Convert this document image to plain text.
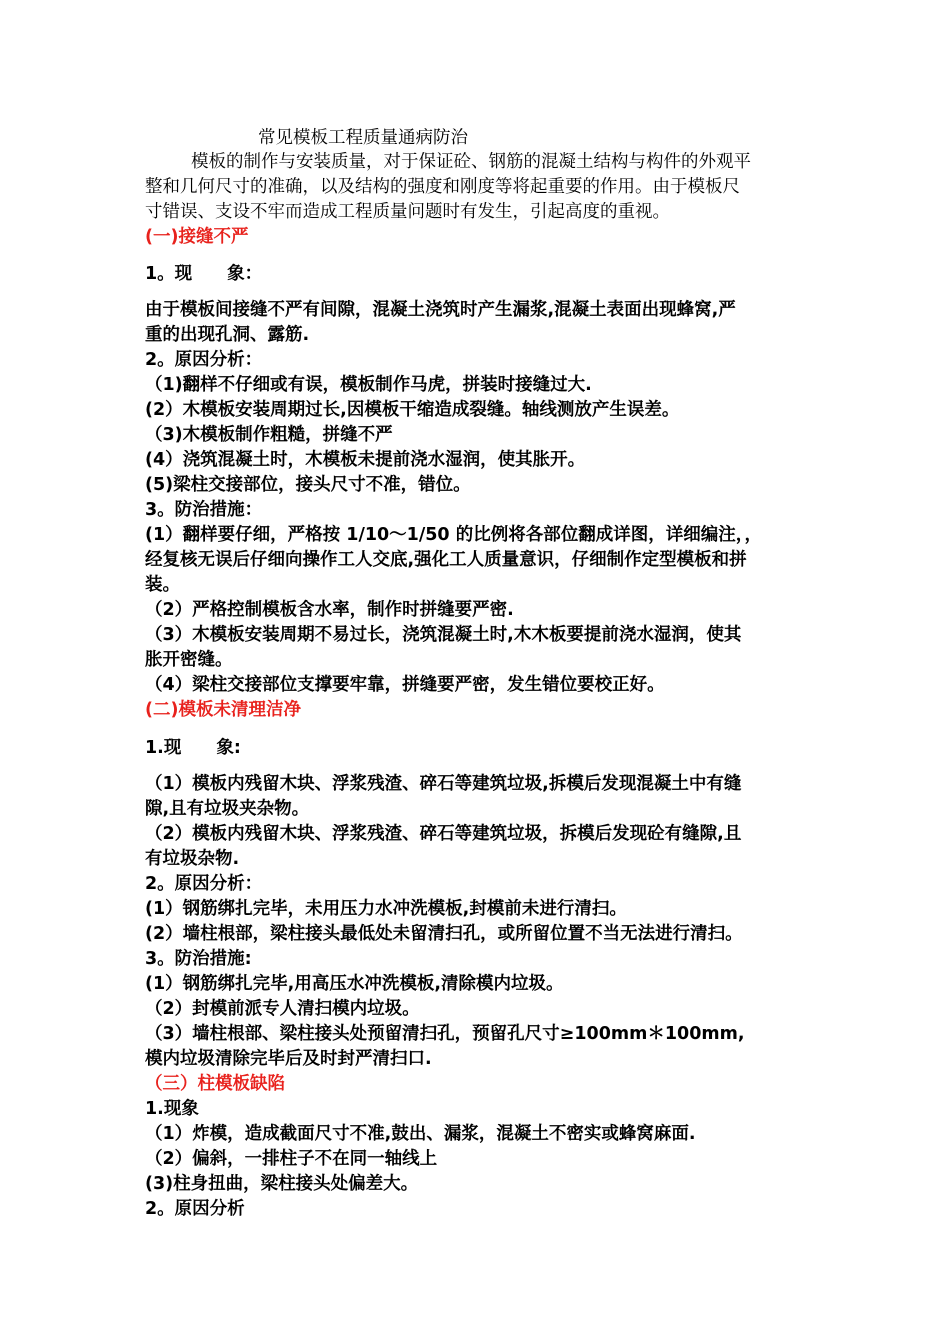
常见模板工程质量通病防治
模板的制作与安装质量，对于保证砼、钢筋的混凝土结构与构件的外观平
整和几何尺寸的准确，以及结构的强度和刚度等将起重要的作用。由于模板尺
寸错误、支设不牢而造成工程质量问题时有发生，引起高度的重视。
(一)接缝不严
1。现　　象：
由于模板间接缝不严有间隙，混凝土浇筑时产生漏浆,混凝土表面出现蜂窝,严
重的出现孔洞、露筋.
2。原因分析：
（1)翻样不仔细或有误，模板制作马虎，拼装时接缝过大.
(2）木模板安装周期过长,因模板干缩造成裂缝。轴线测放产生误差。
（3)木模板制作粗糙，拼缝不严
(4）浇筑混凝土时，木模板未提前浇水湿润，使其胀开。
(5)梁柱交接部位，接头尺寸不准，错位。
3。防治措施：
(1）翻样要仔细，严格按 1/10～1/50 的比例将各部位翻成详图，详细编注，，
经复核无误后仔细向操作工人交底,强化工人质量意识，仔细制作定型模板和拼
装。
（2）严格控制模板含水率，制作时拼缝要严密.
（3）木模板安装周期不易过长，浇筑混凝土时,木木板要提前浇水湿润，使其
胀开密缝。
（4）梁柱交接部位支撑要牢靠，拼缝要严密，发生错位要校正好。
(二)模板未清理洁净
1.现　　象:
（1）模板内残留木块、浮浆残渣、碎石等建筑垃圾,拆模后发现混凝土中有缝
隙,且有垃圾夹杂物。
（2）模板内残留木块、浮浆残渣、碎石等建筑垃圾，拆模后发现砼有缝隙,且
有垃圾杂物.
2。原因分析：
(1）钢筋绑扎完毕，未用压力水冲洗模板,封模前未进行清扫。
(2）墙柱根部，梁柱接头最低处未留清扫孔，或所留位置不当无法进行清扫。
3。防治措施:
(1）钢筋绑扎完毕,用高压水冲洗模板,清除模内垃圾。
（2）封模前派专人清扫模内垃圾。
（3）墙柱根部、梁柱接头处预留清扫孔，预留孔尺寸≥100mm＊100mm,
模内垃圾清除完毕后及时封严清扫口.
（三）柱模板缺陷
1.现象
（1）炸模，造成截面尺寸不准,鼓出、漏浆，混凝土不密实或蜂窝麻面.
（2）偏斜，一排柱子不在同一轴线上
(3)柱身扭曲，梁柱接头处偏差大。
2。原因分析
